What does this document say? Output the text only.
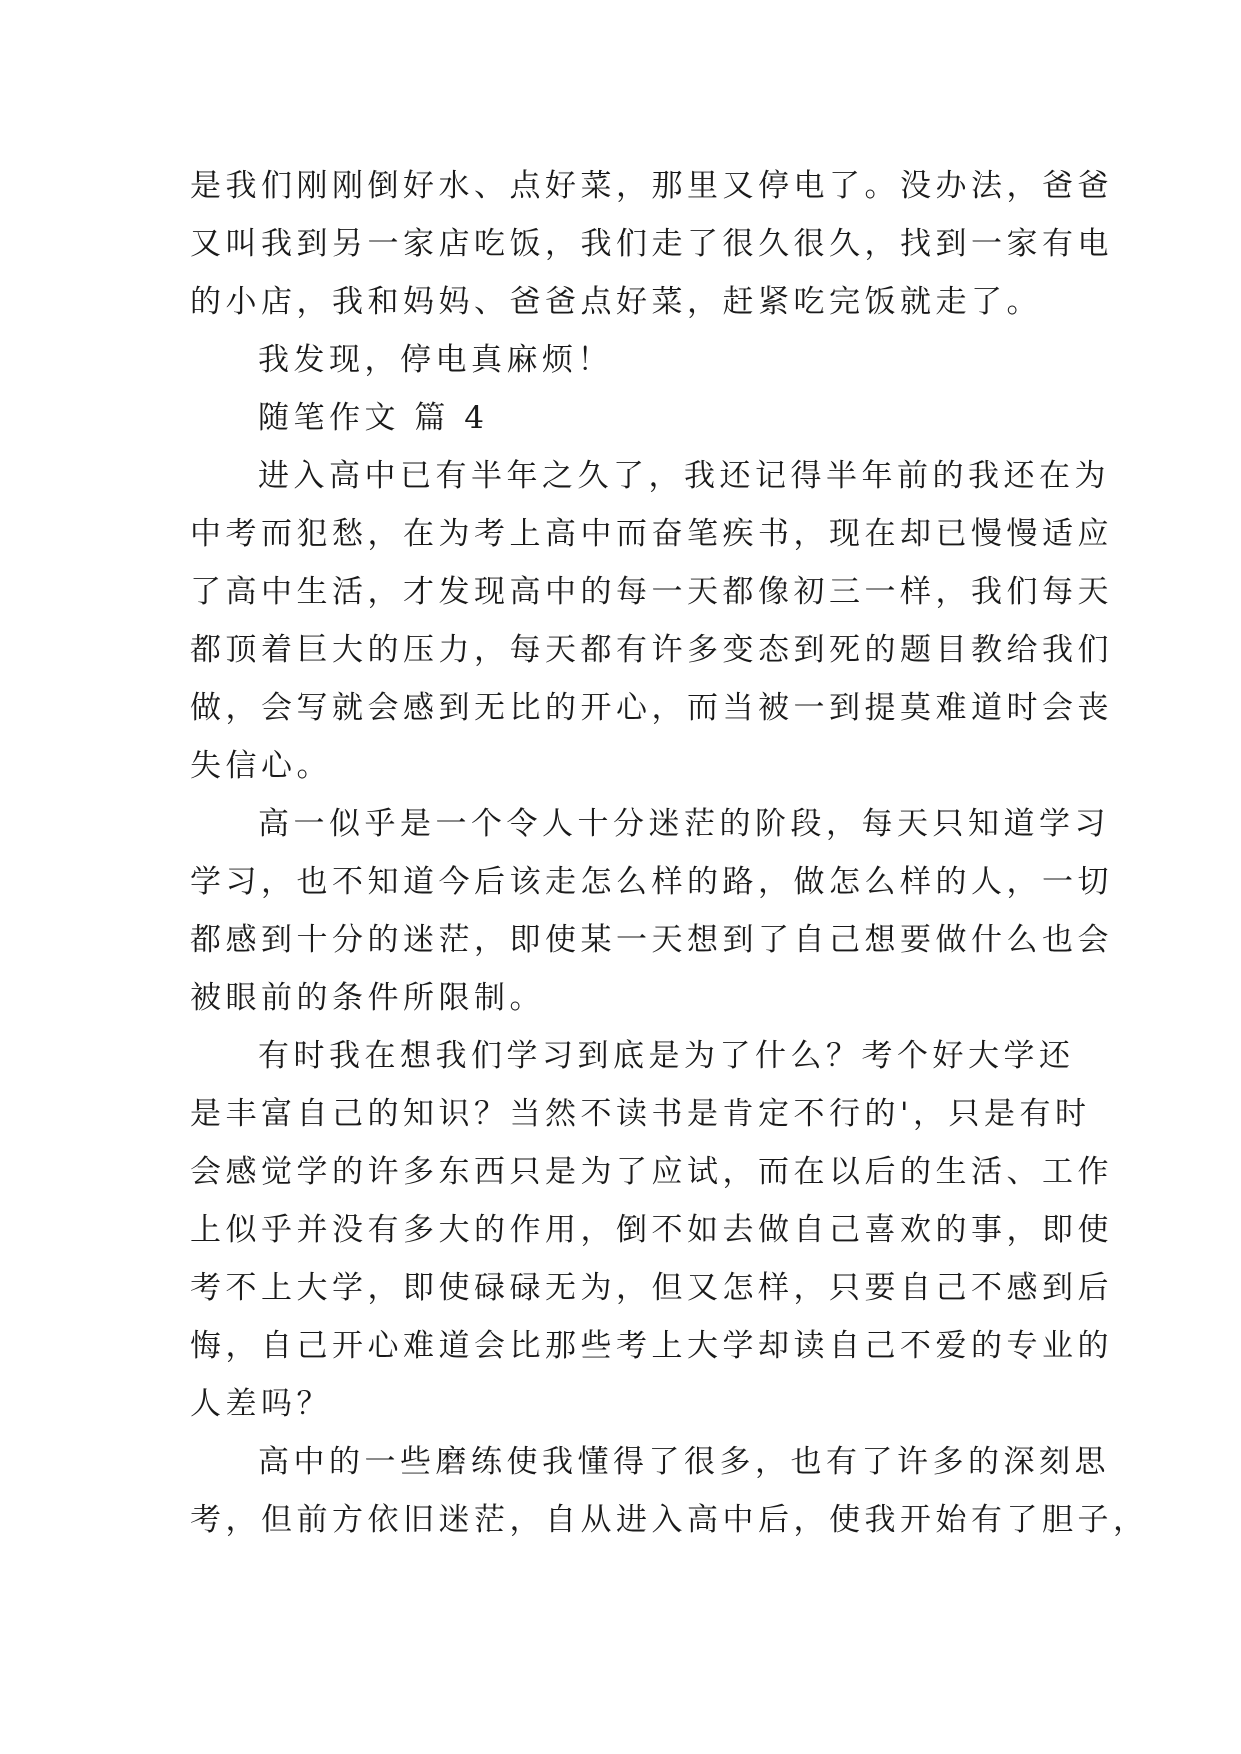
是我们刚刚倒好水、点好菜，那里又停电了。没办法，爸爸
又叫我到另一家店吃饭，我们走了很久很久，找到一家有电
的小店，我和妈妈、爸爸点好菜，赶紧吃完饭就走了。
我发现，停电真麻烦！
随笔作文 篇 4
进入高中已有半年之久了，我还记得半年前的我还在为
中考而犯愁，在为考上高中而奋笔疾书，现在却已慢慢适应
了高中生活，才发现高中的每一天都像初三一样，我们每天
都顶着巨大的压力，每天都有许多变态到死的题目教给我们
做，会写就会感到无比的开心，而当被一到提莫难道时会丧
失信心。
高一似乎是一个令人十分迷茫的阶段，每天只知道学习
学习，也不知道今后该走怎么样的路，做怎么样的人，一切
都感到十分的迷茫，即使某一天想到了自己想要做什么也会
被眼前的条件所限制。
有时我在想我们学习到底是为了什么？考个好大学还
是丰富自己的知识？当然不读书是肯定不行的'，只是有时
会感觉学的许多东西只是为了应试，而在以后的生活、工作
上似乎并没有多大的作用，倒不如去做自己喜欢的事，即使
考不上大学，即使碌碌无为，但又怎样，只要自己不感到后
悔，自己开心难道会比那些考上大学却读自己不爱的专业的
人差吗？
高中的一些磨练使我懂得了很多，也有了许多的深刻思
考，但前方依旧迷茫，自从进入高中后，使我开始有了胆子，
